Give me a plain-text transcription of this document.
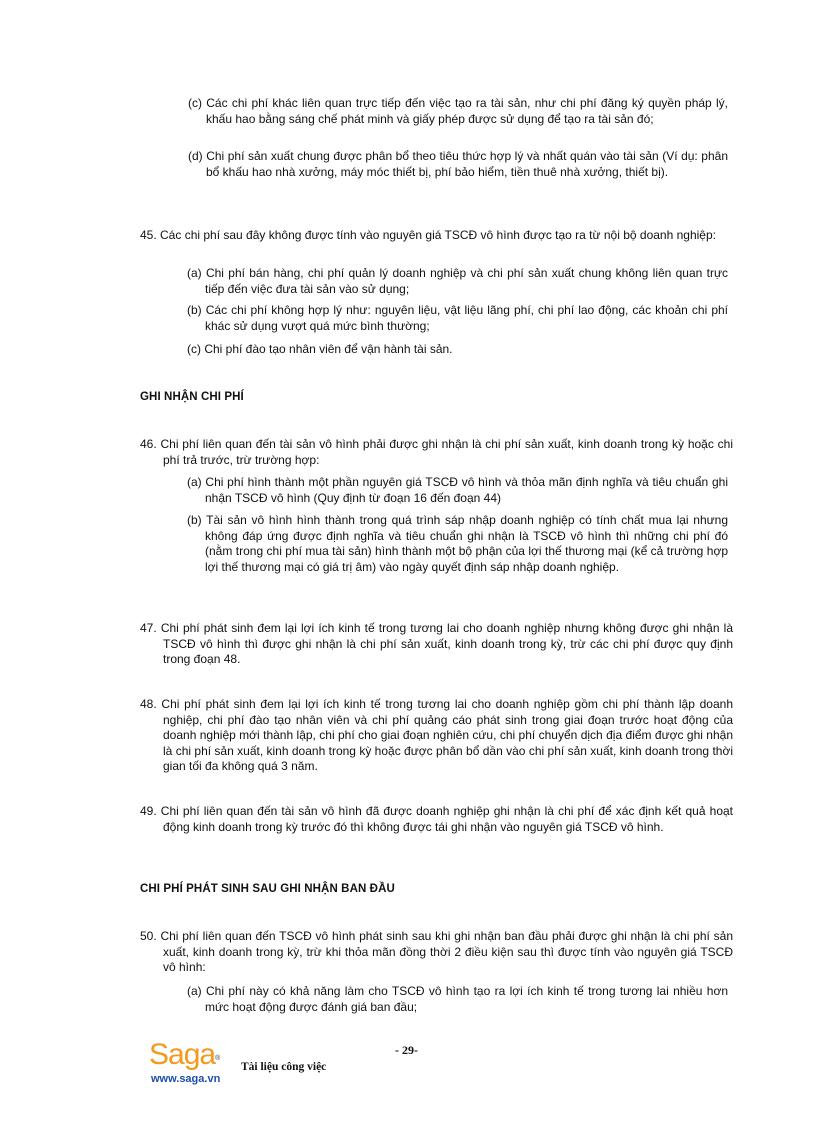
(c) Các chi phí khác liên quan trực tiếp đến việc tạo ra tài sản, như chi phí đăng ký quyền pháp lý, khấu hao bằng sáng chế phát minh và giấy phép được sử dụng để tạo ra tài sản đó;
(d) Chi phí sản xuất chung được phân bổ theo tiêu thức hợp lý và nhất quán vào tài sản (Ví dụ: phân bổ khấu hao nhà xưởng, máy móc thiết bị, phí bảo hiểm, tiền thuê nhà xưởng, thiết bị).
45. Các chi phí sau đây không được tính vào nguyên giá TSCĐ vô hình được tạo ra từ nội bộ doanh nghiệp:
(a) Chi phí bán hàng, chi phí quản lý doanh nghiệp và chi phí sản xuất chung không liên quan trực tiếp đến việc đưa tài sản vào sử dụng;
(b) Các chi phí không hợp lý như: nguyên liệu, vật liệu lãng phí, chi phí lao động, các khoản chi phí khác sử dụng vượt quá mức bình thường;
(c) Chi phí đào tạo nhân viên để vận hành tài sản.
GHI NHẬN CHI PHÍ
46. Chi phí liên quan đến tài sản vô hình phải được ghi nhận là chi phí sản xuất, kinh doanh trong kỳ hoặc chi phí trả trước, trừ trường hợp:
(a) Chi phí hình thành một phần nguyên giá TSCĐ vô hình và thỏa mãn định nghĩa và tiêu chuẩn ghi nhận TSCĐ vô hình (Quy định từ đoạn 16 đến đoạn 44)
(b) Tài sản vô hình hình thành trong quá trình sáp nhập doanh nghiệp có tính chất mua lại nhưng không đáp ứng được định nghĩa và tiêu chuẩn ghi nhận là TSCĐ vô hình thì những chi phí đó (nằm trong chi phí mua tài sản) hình thành một bộ phận của lợi thế thương mại (kể cả trường hợp lợi thế thương mại có giá trị âm) vào ngày quyết định sáp nhập doanh nghiệp.
47. Chi phí phát sinh đem lại lợi ích kinh tế trong tương lai cho doanh nghiệp nhưng không được ghi nhận là TSCĐ vô hình thì được ghi nhận là chi phí sản xuất, kinh doanh trong kỳ, trừ các chi phí được quy định trong đoạn 48.
48. Chi phí phát sinh đem lại lợi ích kinh tế trong tương lai cho doanh nghiệp gồm chi phí thành lập doanh nghiệp, chi phí đào tạo nhân viên và chi phí quảng cáo phát sinh trong giai đoạn trước hoạt động của doanh nghiệp mới thành lập, chi phí cho giai đoạn nghiên cứu, chi phí chuyển dịch địa điểm được ghi nhận là chi phí sản xuất, kinh doanh trong kỳ hoặc được phân bổ dần vào chi phí sản xuất, kinh doanh trong thời gian tối đa không quá 3 năm.
49. Chi phí liên quan đến tài sản vô hình đã được doanh nghiệp ghi nhận là chi phí để xác định kết quả hoạt động kinh doanh trong kỳ trước đó thì không được tái ghi nhận vào nguyên giá TSCĐ vô hình.
CHI PHÍ PHÁT SINH SAU GHI NHẬN BAN ĐẦU
50. Chi phí liên quan đến TSCĐ vô hình phát sinh sau khi ghi nhận ban đầu phải được ghi nhận là chi phí sản xuất, kinh doanh trong kỳ, trừ khi thỏa mãn đồng thời 2 điều kiện sau thì được tính vào nguyên giá TSCĐ vô hình:
(a) Chi phí này có khả năng làm cho TSCĐ vô hình tạo ra lợi ích kinh tế trong tương lai nhiều hơn mức hoạt động được đánh giá ban đầu;
Saga®
www.saga.vn
Tài liệu công việc
- 29-
